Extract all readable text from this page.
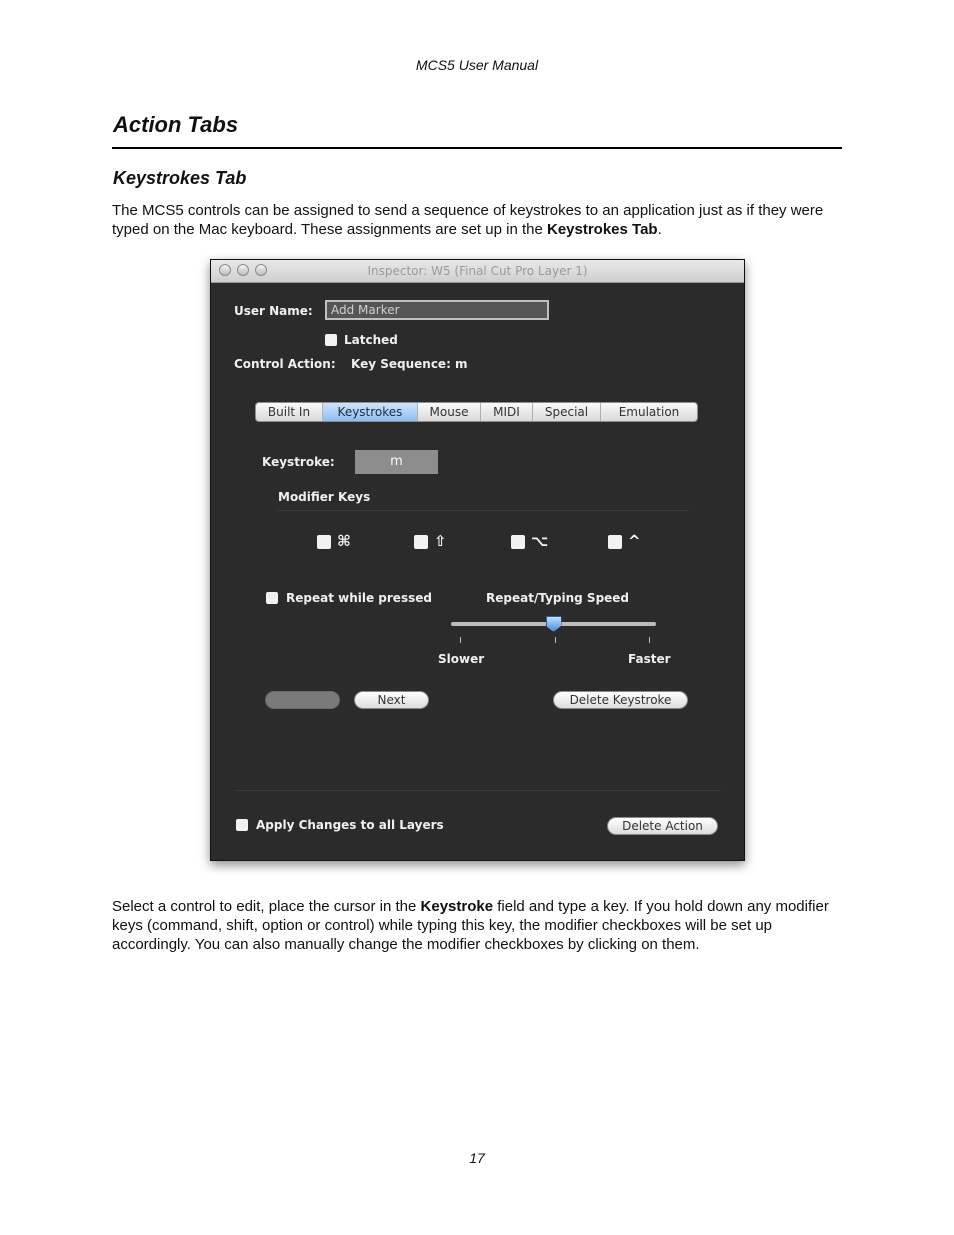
MCS5 User Manual
Action Tabs
Keystrokes Tab
The MCS5 controls can be assigned to send a sequence of keystrokes to an application just as if they were typed on the Mac keyboard. These assignments are set up in the Keystrokes Tab.
Inspector: W5 (Final Cut Pro Layer 1)
User Name:	Add Marker
Latched
Control Action: Key Sequence: m
Built In	Keystrokes	Mouse	MIDI	Special	Emulation
Keystroke:	m
Modifier Keys
⌘	⇧	⌥	^
Repeat while pressed	Repeat/Typing Speed
Slower	Faster
Next	Delete Keystroke
Apply Changes to all Layers	Delete Action
Select a control to edit, place the cursor in the Keystroke field and type a key. If you hold down any modifier keys (command, shift, option or control) while typing this key, the modifier checkboxes will be set up accordingly. You can also manually change the modifier checkboxes by clicking on them.
17
